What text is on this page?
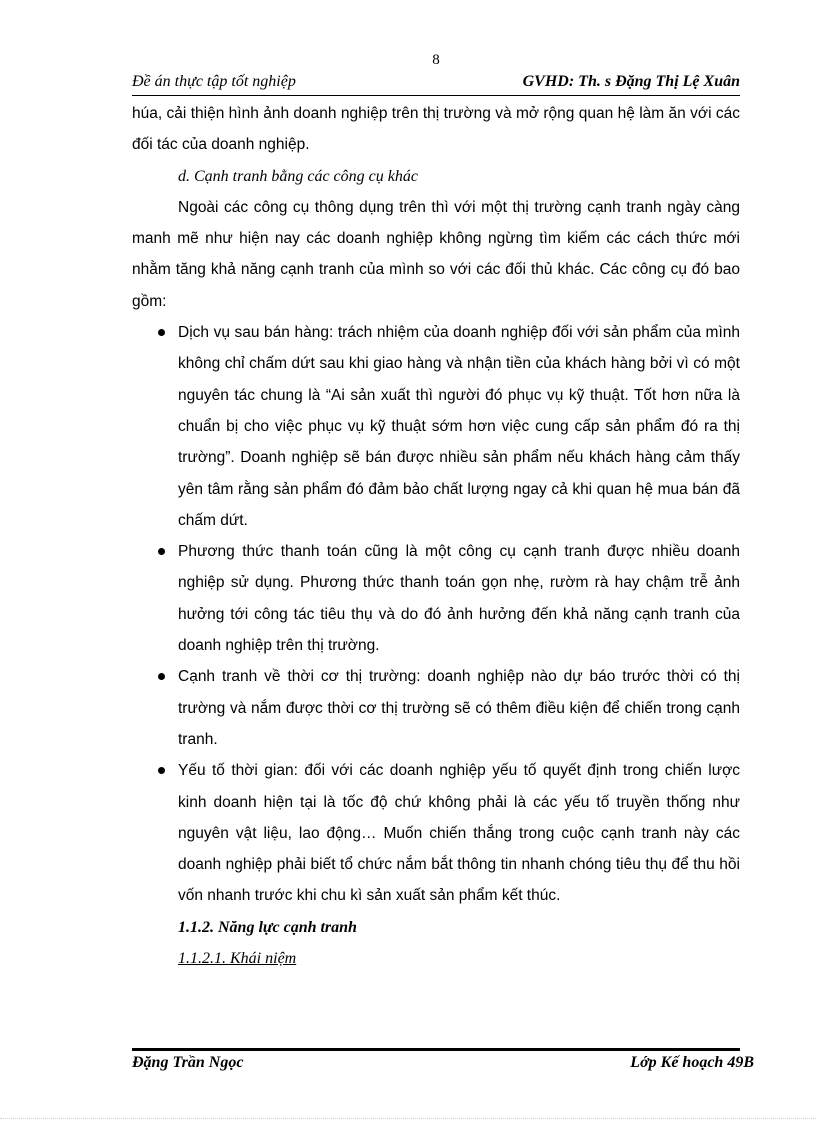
8
Đề án thực tập tốt nghiệp	GVHD: Th. s Đặng Thị Lệ Xuân

húa, cải thiện hình ảnh doanh nghiệp trên thị trường và mở rộng quan hệ làm ăn với các đối tác của doanh nghiệp.

d. Cạnh tranh bằng các công cụ khác

Ngoài các công cụ thông dụng trên thì với một thị trường cạnh tranh ngày càng manh mẽ như hiện nay các doanh nghiệp không ngừng tìm kiếm các cách thức mới nhằm tăng khả năng cạnh tranh của mình so với các đối thủ khác. Các công cụ đó bao gồm:

Dịch vụ sau bán hàng: trách nhiệm của doanh nghiệp đối với sản phẩm của mình không chỉ chấm dứt sau khi giao hàng và nhận tiền của khách hàng bởi vì có một nguyên tác chung là “Ai sản xuất thì người đó phục vụ kỹ thuật. Tốt hơn nữa là chuẩn bị cho việc phục vụ kỹ thuật sớm hơn việc cung cấp sản phẩm đó ra thị trường”. Doanh nghiệp sẽ bán được nhiều sản phẩm nếu khách hàng cảm thấy yên tâm rằng sản phẩm đó đảm bảo chất lượng ngay cả khi quan hệ mua bán đã chấm dứt.
Phương thức thanh toán cũng là một công cụ cạnh tranh được nhiều doanh nghiệp sử dụng. Phương thức thanh toán gọn nhẹ, rườm rà hay chậm trễ ảnh hưởng tới công tác tiêu thụ và do đó ảnh hưởng đến khả năng cạnh tranh của doanh nghiệp trên thị trường.
Cạnh tranh về thời cơ thị trường: doanh nghiệp nào dự báo trước thời có thị trường và nắm được thời cơ thị trường sẽ có thêm điều kiện để chiến trong cạnh tranh.
Yếu tố thời gian: đối với các doanh nghiệp yếu tố quyết định trong chiến lược kinh doanh hiện tại là tốc độ chứ không phải là các yếu tố truyền thống như nguyên vật liệu, lao động… Muốn chiến thắng trong cuộc cạnh tranh này các doanh nghiệp phải biết tổ chức nắm bắt thông tin nhanh chóng tiêu thụ để thu hồi vốn nhanh trước khi chu kì sản xuất sản phẩm kết thúc.

1.1.2. Năng lực cạnh tranh

1.1.2.1. Khái niệm

Đặng Trần Ngọc	Lớp Kế hoạch 49B
